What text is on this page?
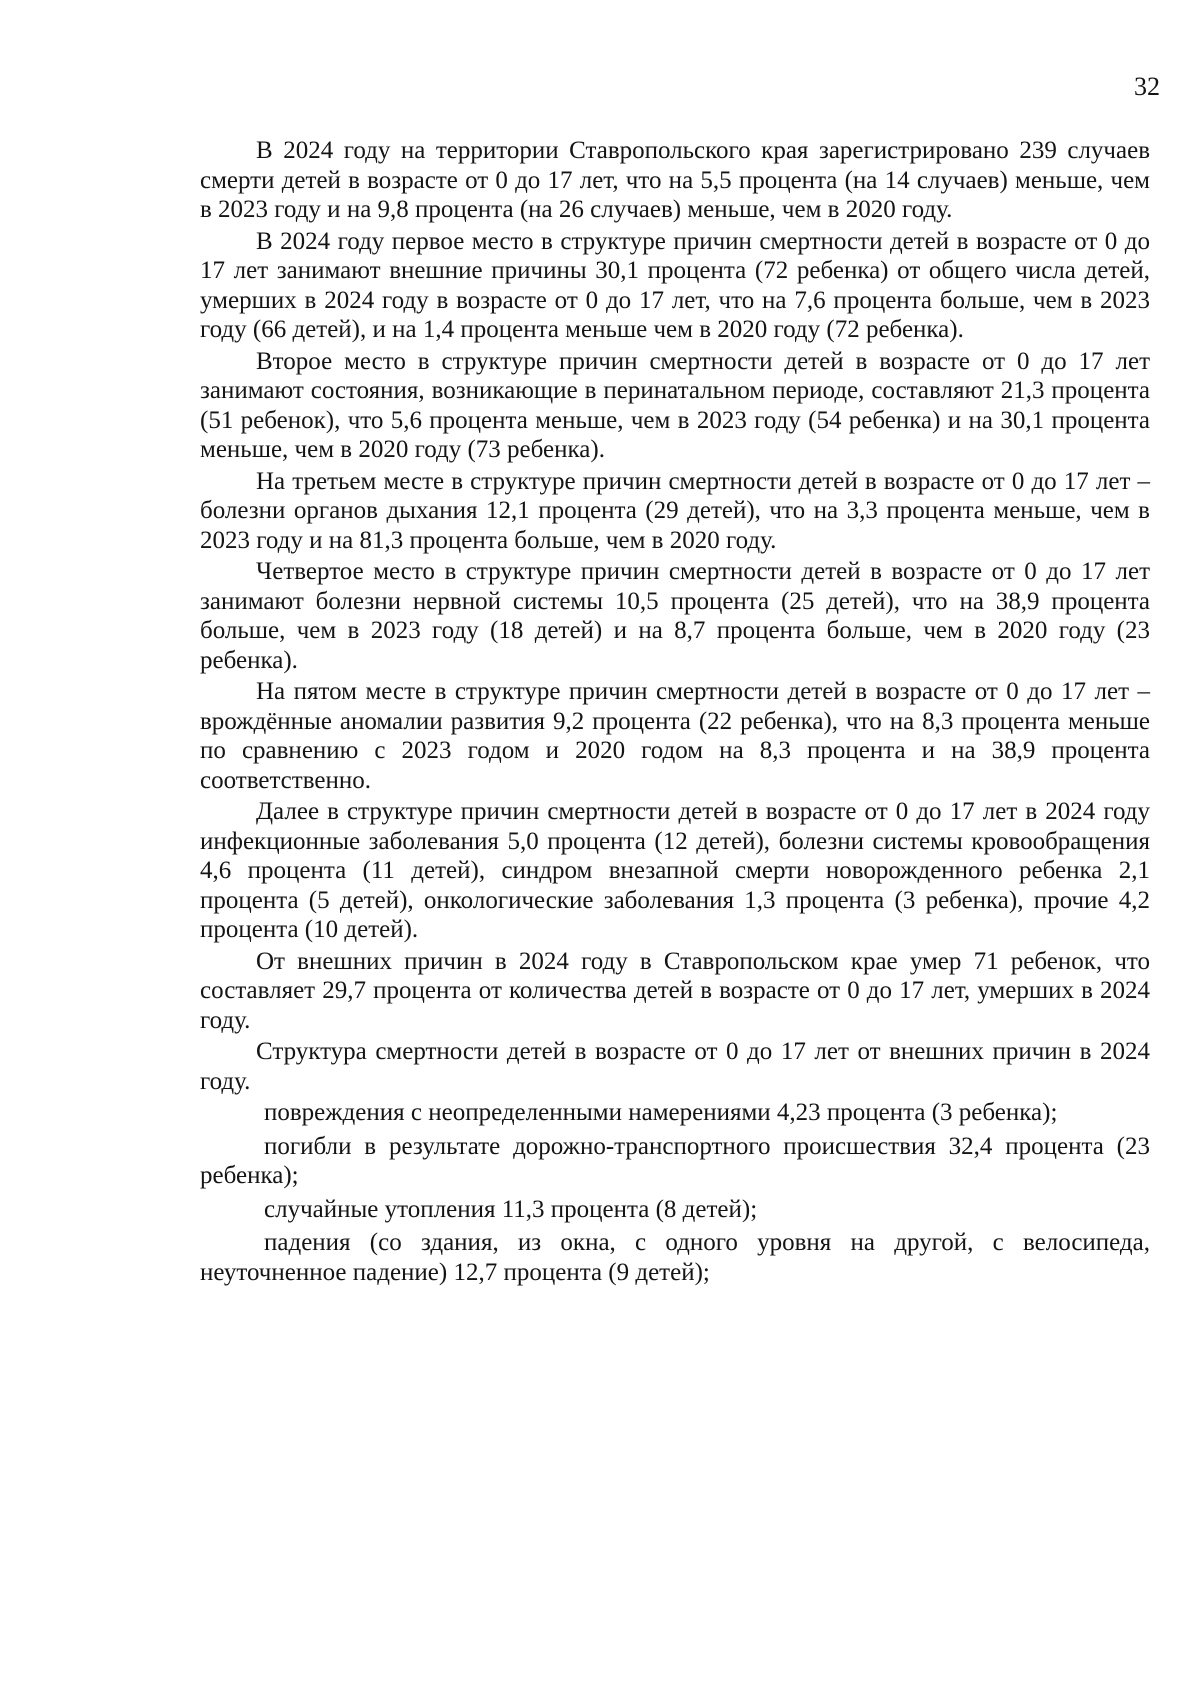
32

В 2024 году на территории Ставропольского края зарегистрировано 239 случаев смерти детей в возрасте от 0 до 17 лет, что на 5,5 процента (на 14 случаев) меньше, чем в 2023 году и на 9,8 процента (на 26 случаев) меньше, чем в 2020 году.

В 2024 году первое место в структуре причин смертности детей в возрасте от 0 до 17 лет занимают внешние причины 30,1 процента (72 ребенка) от общего числа детей, умерших в 2024 году в возрасте от 0 до 17 лет, что на 7,6 процента больше, чем в 2023 году (66 детей), и на 1,4 процента меньше чем в 2020 году (72 ребенка).

Второе место в структуре причин смертности детей в возрасте от 0 до 17 лет занимают состояния, возникающие в перинатальном периоде, составляют 21,3 процента (51 ребенок), что 5,6 процента меньше, чем в 2023 году (54 ребенка) и на 30,1 процента меньше, чем в 2020 году (73 ребенка).

На третьем месте в структуре причин смертности детей в возрасте от 0 до 17 лет – болезни органов дыхания 12,1 процента (29 детей), что на 3,3 процента меньше, чем в 2023 году и на 81,3 процента больше, чем в 2020 году.

Четвертое место в структуре причин смертности детей в возрасте от 0 до 17 лет занимают болезни нервной системы 10,5 процента (25 детей), что на 38,9 процента больше, чем в 2023 году (18 детей) и на 8,7 процента больше, чем в 2020 году (23 ребенка).

На пятом месте в структуре причин смертности детей в возрасте от 0 до 17 лет – врождённые аномалии развития 9,2 процента (22 ребенка), что на 8,3 процента меньше по сравнению с 2023 годом и 2020 годом на 8,3 процента и на 38,9 процента соответственно.

Далее в структуре причин смертности детей в возрасте от 0 до 17 лет в 2024 году инфекционные заболевания 5,0 процента (12 детей), болезни системы кровообращения 4,6 процента (11 детей), синдром внезапной смерти новорожденного ребенка 2,1 процента (5 детей), онкологические заболевания 1,3 процента (3 ребенка), прочие 4,2 процента (10 детей).

От внешних причин в 2024 году в Ставропольском крае умер 71 ребенок, что составляет 29,7 процента от количества детей в возрасте от 0 до 17 лет, умерших в 2024 году.

Структура смертности детей в возрасте от 0 до 17 лет от внешних причин в 2024 году.

повреждения с неопределенными намерениями 4,23 процента (3 ребенка);

погибли в результате дорожно-транспортного происшествия 32,4 процента (23 ребенка);

случайные утопления 11,3 процента (8 детей);

падения (со здания, из окна, с одного уровня на другой, с велосипеда, неуточненное падение) 12,7 процента (9 детей);
